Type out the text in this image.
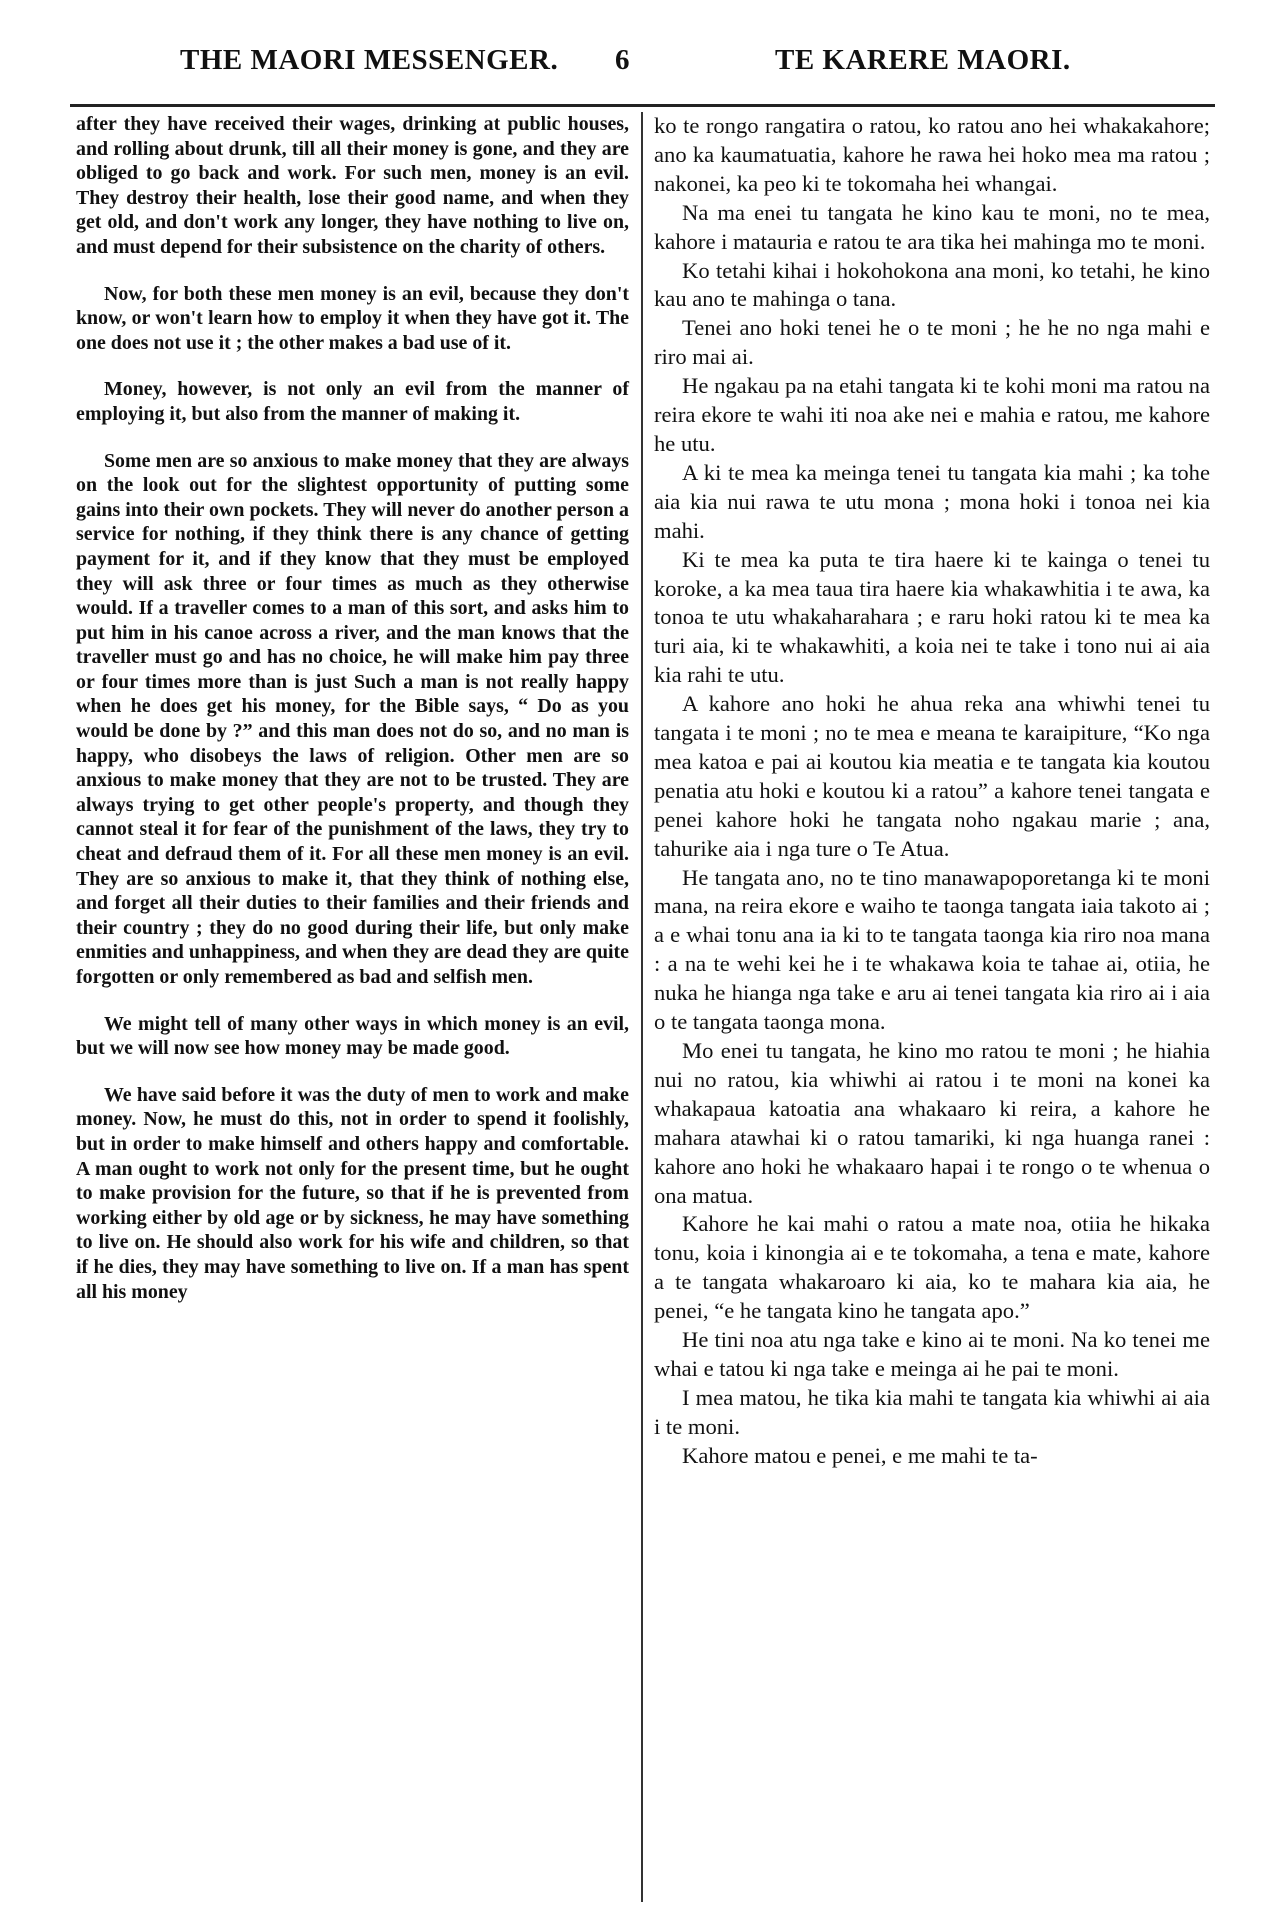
THE MAORI MESSENGER. 6	TE KARERE MAORI.

after they have received their wages, drinking at public houses, and rolling about drunk, till all their money is gone, and they are obliged to go back and work. For such men, money is an evil. They destroy their health, lose their good name, and when they get old, and don't work any longer, they have nothing to live on, and must depend for their subsistence on the charity of others.

Now, for both these men money is an evil, because they don't know, or won't learn how to employ it when they have got it. The one does not use it ; the other makes a bad use of it.

Money, however, is not only an evil from the manner of employing it, but also from the manner of making it.

Some men are so anxious to make money that they are always on the look out for the slightest opportunity of putting some gains into their own pockets. They will never do another person a service for nothing, if they think there is any chance of getting payment for it, and if they know that they must be employed they will ask three or four times as much as they otherwise would. If a traveller comes to a man of this sort, and asks him to put him in his canoe across a river, and the man knows that the traveller must go and has no choice, he will make him pay three or four times more than is just Such a man is not really happy when he does get his money, for the Bible says, “ Do as you would be done by ?” and this man does not do so, and no man is happy, who disobeys the laws of religion. Other men are so anxious to make money that they are not to be trusted. They are always trying to get other people's property, and though they cannot steal it for fear of the punishment of the laws, they try to cheat and defraud them of it. For all these men money is an evil. They are so anxious to make it, that they think of nothing else, and forget all their duties to their families and their friends and their country ; they do no good during their life, but only make enmities and unhappiness, and when they are dead they are quite forgotten or only remembered as bad and selfish men.

We might tell of many other ways in which money is an evil, but we will now see how money may be made good.

We have said before it was the duty of men to work and make money. Now, he must do this, not in order to spend it foolishly, but in order to make himself and others happy and comfortable. A man ought to work not only for the present time, but he ought to make provision for the future, so that if he is prevented from working either by old age or by sickness, he may have something to live on. He should also work for his wife and children, so that if he dies, they may have something to live on. If a man has spent all his money

ko te rongo rangatira o ratou, ko ratou ano hei whakakahore; ano ka kaumatuatia, kahore he rawa hei hoko mea ma ratou ; nakonei, ka peo ki te tokomaha hei whangai.

Na ma enei tu tangata he kino kau te moni, no te mea, kahore i matauria e ratou te ara tika hei mahinga mo te moni.

Ko tetahi kihai i hokohokona ana moni, ko tetahi, he kino kau ano te mahinga o tana.

Tenei ano hoki tenei he o te moni ; he he no nga mahi e riro mai ai.

He ngakau pa na etahi tangata ki te kohi moni ma ratou na reira ekore te wahi iti noa ake nei e mahia e ratou, me kahore he utu.

A ki te mea ka meinga tenei tu tangata kia mahi ; ka tohe aia kia nui rawa te utu mona ; mona hoki i tonoa nei kia mahi.

Ki te mea ka puta te tira haere ki te kainga o tenei tu koroke, a ka mea taua tira haere kia whakawhitia i te awa, ka tonoa te utu whakaharahara ; e raru hoki ratou ki te mea ka turi aia, ki te whakawhiti, a koia nei te take i tono nui ai aia kia rahi te utu.

A kahore ano hoki he ahua reka ana whiwhi tenei tu tangata i te moni ; no te mea e meana te karaipiture, “Ko nga mea katoa e pai ai koutou kia meatia e te tangata kia koutou penatia atu hoki e koutou ki a ratou” a kahore tenei tangata e penei kahore hoki he tangata noho ngakau marie ; ana, tahurike aia i nga ture o Te Atua.

He tangata ano, no te tino manawapoporetanga ki te moni mana, na reira ekore e waiho te taonga tangata iaia takoto ai ; a e whai tonu ana ia ki to te tangata taonga kia riro noa mana : a na te wehi kei he i te whakawa koia te tahae ai, otiia, he nuka he hianga nga take e aru ai tenei tangata kia riro ai i aia o te tangata taonga mona.

Mo enei tu tangata, he kino mo ratou te moni ; he hiahia nui no ratou, kia whiwhi ai ratou i te moni na konei ka whakapaua katoatia ana whakaaro ki reira, a kahore he mahara atawhai ki o ratou tamariki, ki nga huanga ranei : kahore ano hoki he whakaaro hapai i te rongo o te whenua o ona matua.

Kahore he kai mahi o ratou a mate noa, otiia he hikaka tonu, koia i kinongia ai e te tokomaha, a tena e mate, kahore a te tangata whakaroaro ki aia, ko te mahara kia aia, he penei, “e he tangata kino he tangata apo.”

He tini noa atu nga take e kino ai te moni. Na ko tenei me whai e tatou ki nga take e meinga ai he pai te moni.

I mea matou, he tika kia mahi te tangata kia whiwhi ai aia i te moni.

Kahore matou e penei, e me mahi te ta-
